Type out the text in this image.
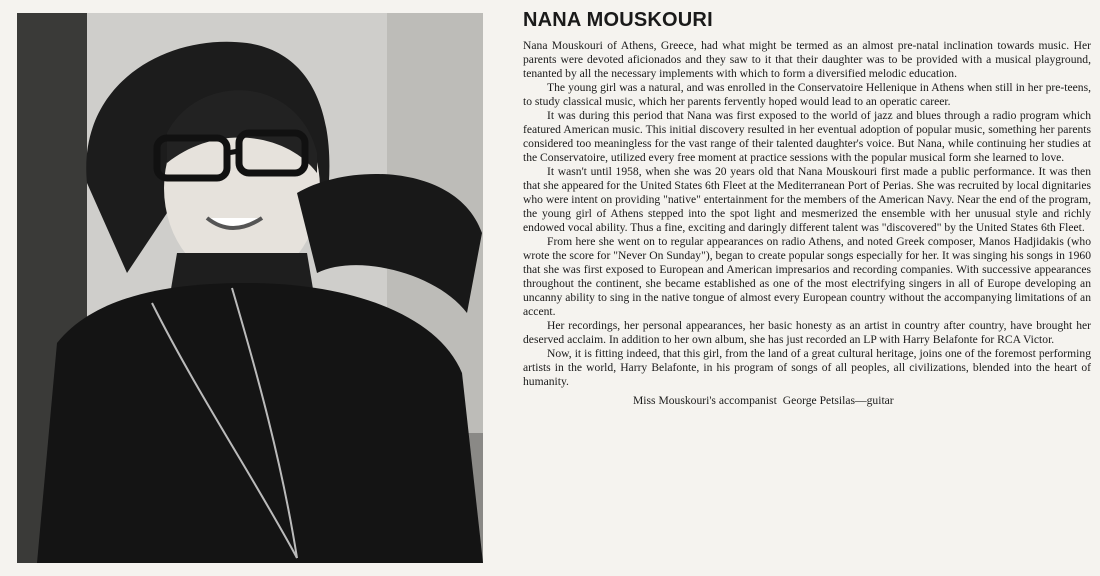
NANA MOUSKOURI

Nana Mouskouri of Athens, Greece, had what might be termed as an almost pre-natal inclination towards music. Her parents were devoted aficionados and they saw to it that their daughter was to be provided with a musical playground, tenanted by all the necessary implements with which to form a diversified melodic education.

The young girl was a natural, and was enrolled in the Conservatoire Hellenique in Athens when still in her pre-teens, to study classical music, which her parents fervently hoped would lead to an operatic career.

It was during this period that Nana was first exposed to the world of jazz and blues through a radio program which featured American music. This initial discovery resulted in her eventual adoption of popular music, something her parents considered too meaningless for the vast range of their talented daughter's voice. But Nana, while continuing her studies at the Conservatoire, utilized every free moment at practice sessions with the popular musical form she learned to love.

It wasn't until 1958, when she was 20 years old that Nana Mouskouri first made a public performance. It was then that she appeared for the United States 6th Fleet at the Mediterranean Port of Perias. She was recruited by local dignitaries who were intent on providing "native" entertainment for the members of the American Navy. Near the end of the program, the young girl of Athens stepped into the spot light and mesmerized the ensemble with her unusual style and richly endowed vocal ability. Thus a fine, exciting and daringly different talent was "discovered" by the United States 6th Fleet.

From here she went on to regular appearances on radio Athens, and noted Greek composer, Manos Hadjidakis (who wrote the score for "Never On Sunday"), began to create popular songs especially for her. It was singing his songs in 1960 that she was first exposed to European and American impresarios and recording companies. With successive appearances throughout the continent, she became established as one of the most electrifying singers in all of Europe developing an uncanny ability to sing in the native tongue of almost every European country without the accompanying limitations of an accent.

Her recordings, her personal appearances, her basic honesty as an artist in country after country, have brought her deserved acclaim. In addition to her own album, she has just recorded an LP with Harry Belafonte for RCA Victor.

Now, it is fitting indeed, that this girl, from the land of a great cultural heritage, joins one of the foremost performing artists in the world, Harry Belafonte, in his program of songs of all peoples, all civilizations, blended into the heart of humanity.

Miss Mouskouri's accompanist George Petsilas—guitar
